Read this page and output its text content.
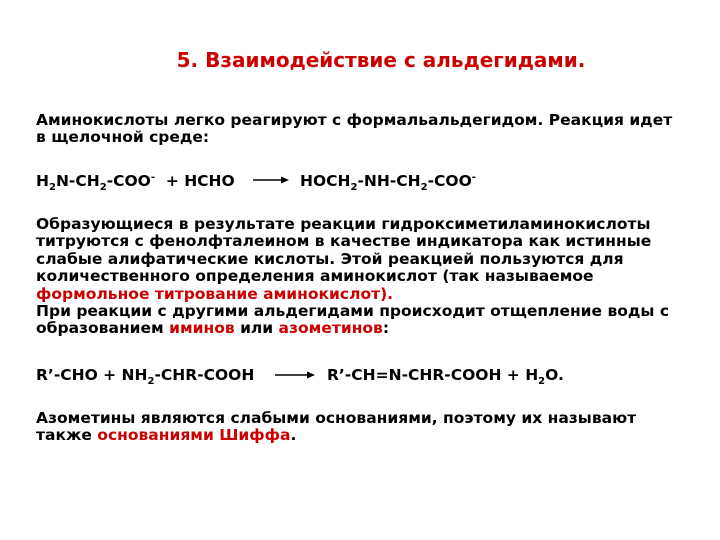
5. Взаимодействие с альдегидами.
Аминокислоты легко реагируют с формальальдегидом. Реакция идет
в щелочной среде:
$H_2N-CH_2-COO^-$  + HCHO	$HOCH_2-NH-CH_2-COO^-$
Образующиеся в результате реакции гидроксиметиламинокислоты
титруются с фенолфталеином в качестве индикатора как истинные
слабые алифатические кислоты. Этой реакцией пользуются для
количественного определения аминокислот (так называемое
формольное титрование аминокислот).
При реакции с другими альдегидами происходит отщепление воды с
образованием иминов или азометинов:
R’-CHO + $NH_2-CHR$-COOH	R’-CH=N-CHR-COOH + $H_2O$.
Азометины являются слабыми основаниями, поэтому их называют
также основаниями Шиффа.
